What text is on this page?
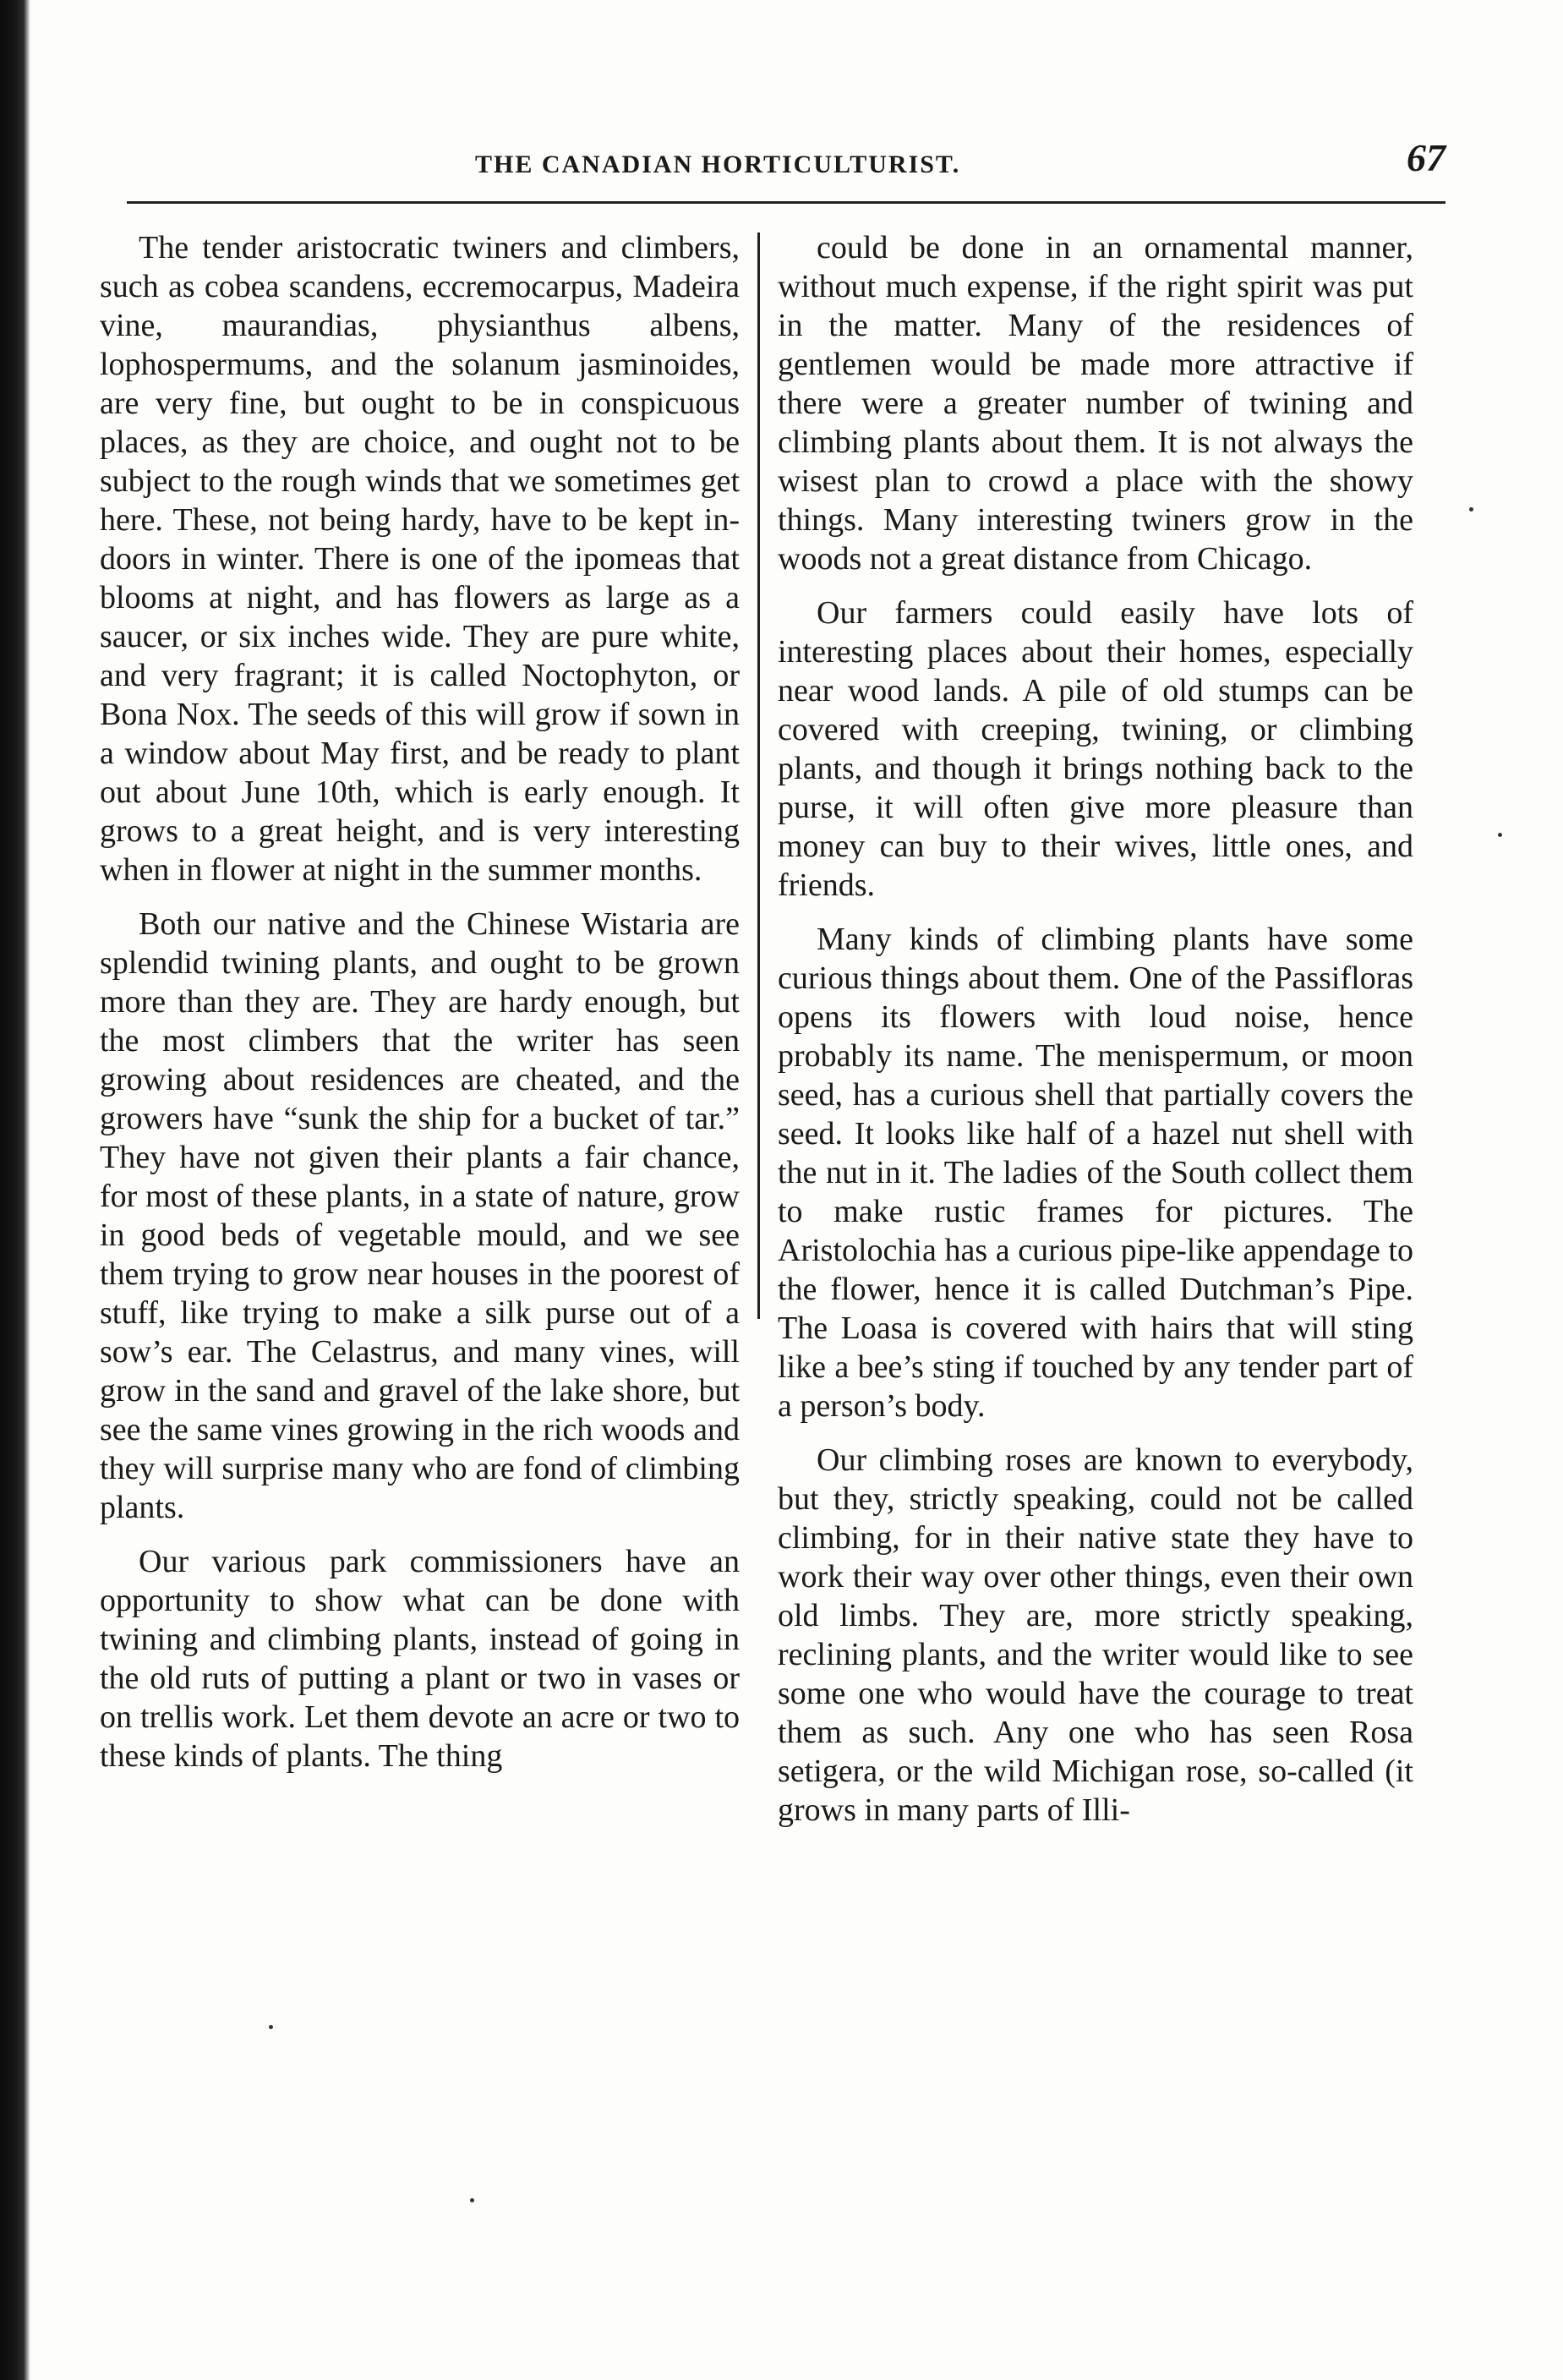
THE CANADIAN HORTICULTURIST.	67

The tender aristocratic twiners and climbers, such as cobea scandens, eccremocarpus, Madeira vine, maurandias, physianthus albens, lophospermums, and the solanum jasminoides, are very fine, but ought to be in conspicuous places, as they are choice, and ought not to be subject to the rough winds that we sometimes get here. These, not being hardy, have to be kept in-doors in winter. There is one of the ipomeas that blooms at night, and has flowers as large as a saucer, or six inches wide. They are pure white, and very fragrant; it is called Noctophyton, or Bona Nox. The seeds of this will grow if sown in a window about May first, and be ready to plant out about June 10th, which is early enough. It grows to a great height, and is very interesting when in flower at night in the summer months.

Both our native and the Chinese Wistaria are splendid twining plants, and ought to be grown more than they are. They are hardy enough, but the most climbers that the writer has seen growing about residences are cheated, and the growers have “sunk the ship for a bucket of tar.” They have not given their plants a fair chance, for most of these plants, in a state of nature, grow in good beds of vegetable mould, and we see them trying to grow near houses in the poorest of stuff, like trying to make a silk purse out of a sow’s ear. The Celastrus, and many vines, will grow in the sand and gravel of the lake shore, but see the same vines growing in the rich woods and they will surprise many who are fond of climbing plants.

Our various park commissioners have an opportunity to show what can be done with twining and climbing plants, instead of going in the old ruts of putting a plant or two in vases or on trellis work. Let them devote an acre or two to these kinds of plants. The thing

could be done in an ornamental manner, without much expense, if the right spirit was put in the matter. Many of the residences of gentlemen would be made more attractive if there were a greater number of twining and climbing plants about them. It is not always the wisest plan to crowd a place with the showy things. Many interesting twiners grow in the woods not a great distance from Chicago.

Our farmers could easily have lots of interesting places about their homes, especially near wood lands. A pile of old stumps can be covered with creeping, twining, or climbing plants, and though it brings nothing back to the purse, it will often give more pleasure than money can buy to their wives, little ones, and friends.

Many kinds of climbing plants have some curious things about them. One of the Passifloras opens its flowers with loud noise, hence probably its name. The menispermum, or moon seed, has a curious shell that partially covers the seed. It looks like half of a hazel nut shell with the nut in it. The ladies of the South collect them to make rustic frames for pictures. The Aristolochia has a curious pipe-like appendage to the flower, hence it is called Dutchman’s Pipe. The Loasa is covered with hairs that will sting like a bee’s sting if touched by any tender part of a person’s body.

Our climbing roses are known to everybody, but they, strictly speaking, could not be called climbing, for in their native state they have to work their way over other things, even their own old limbs. They are, more strictly speaking, reclining plants, and the writer would like to see some one who would have the courage to treat them as such. Any one who has seen Rosa setigera, or the wild Michigan rose, so-called (it grows in many parts of Illi-
